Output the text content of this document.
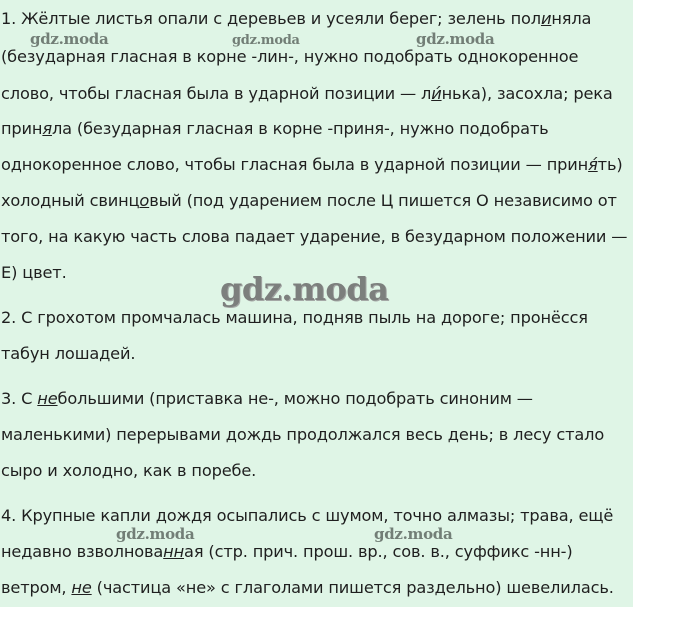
1. Жёлтые листья опали с деревьев и усеяли берег; зелень полиняла
(безударная гласная в корне -лин-, нужно подобрать однокоренное
слово, чтобы гласная была в ударной позиции — ли́нька), засохла; река
приняла (безударная гласная в корне -приня-, нужно подобрать
однокоренное слово, чтобы гласная была в ударной позиции — приня́ть)
холодный свинцовый (под ударением после Ц пишется О независимо от
того, на какую часть слова падает ударение, в безударном положении —
Е) цвет.
2. С грохотом промчалась машина, подняв пыль на дороге; пронёсся
табун лошадей.
3. С небольшими (приставка не-, можно подобрать синоним —
маленькими) перерывами дождь продолжался весь день; в лесу стало
сыро и холодно, как в поребе.
4. Крупные капли дождя осыпались с шумом, точно алмазы; трава, ещё
недавно взволнованная (стр. прич. прош. вр., сов. в., суффикс -нн-)
ветром, не (частица «не» с глаголами пишется раздельно) шевелилась.
gdz.moda	gdz.moda	gdz.moda
gdz.moda
gdz.moda	gdz.moda
